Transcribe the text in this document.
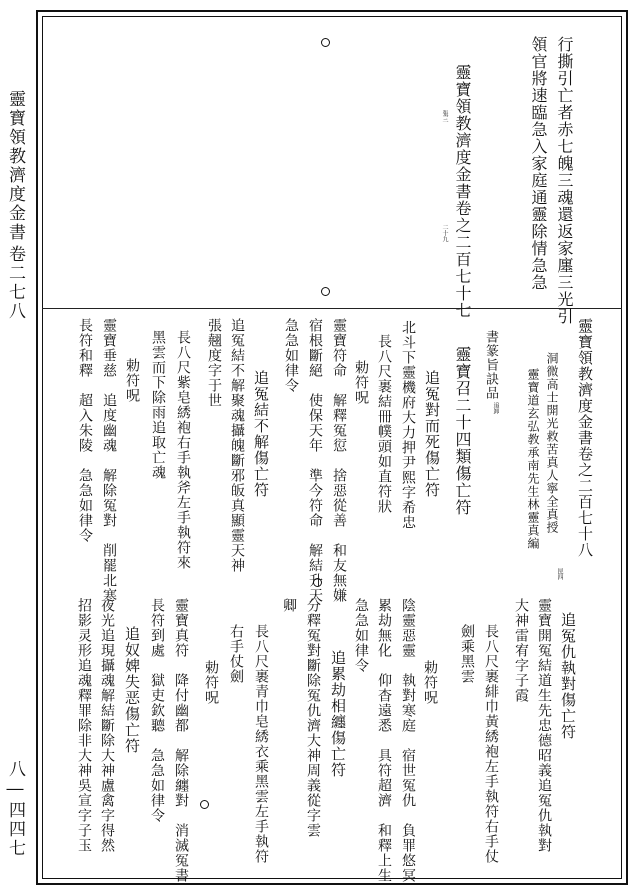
靈寶領教濟度金書
卷二七八
八―四四七
行撕引亡者赤七魄三魂還返家廛三光引
領官將速臨急入家庭通靈除情急急
靈寶領教濟度金書卷之二百七十七
二十九
張三
靈寶領教濟度金書卷之二百七十八
昆四
洞微高士開光救苦真人寧全真授
靈寶道玄弘教承南先生林靈真編
書篆旨訣品
追卸
靈寶召二十四類傷亡符
追冤對而死傷亡符
北斗下靈機府大力押尹熙字希忠
長八尺裹結冊幞頭如直符狀
勅符呪
靈寶符命　解釋冤愆　捨惡從善　和友無嫌
宿根斷絕　使保天年　準今符命　解結升天
急急如律令
追冤結不解傷亡符
追冤結不解聚魂攝魄斷邪皈真顯靈天神
張翹度字于世
長八尺紫皂綉袍右手執斧左手執符來
黑雲而下除雨追取亡魂
勅符呪
靈寶垂慈　追度幽魂　解除冤對　削罷北寒
長符和釋　超入朱陵　急急如律令
追冤仇執對傷亡符
靈寶開冤結道生先忠德昭義追冤仇執對
大神雷宥字子霞
長八尺裹緋巾黃綉袍左手執符右手仗
劍乘黑雲
勅符呪
陰靈惡靈　執對寒庭　宿世冤仇　負罪悠冥
累劫無化　仰杳遠悉　具符超濟　和釋上生
急急如律令
追累劫相纏傷亡符
分釋冤對斷除冤仇濟大神周義從字雲
卿
長八尺裹青巾皂綉衣乘黑雲左手執符
右手仗劍
勅符呪
靈寶真符　降付幽都　解除纏對　消滅冤書
長符到處　獄吏欽聽　急急如律令
追奴婢失恶傷亡符
夜光追現攝魂解結斷除大神盧禽字得然
招影灵形追魂釋罪除非大神吳宣字子玉
